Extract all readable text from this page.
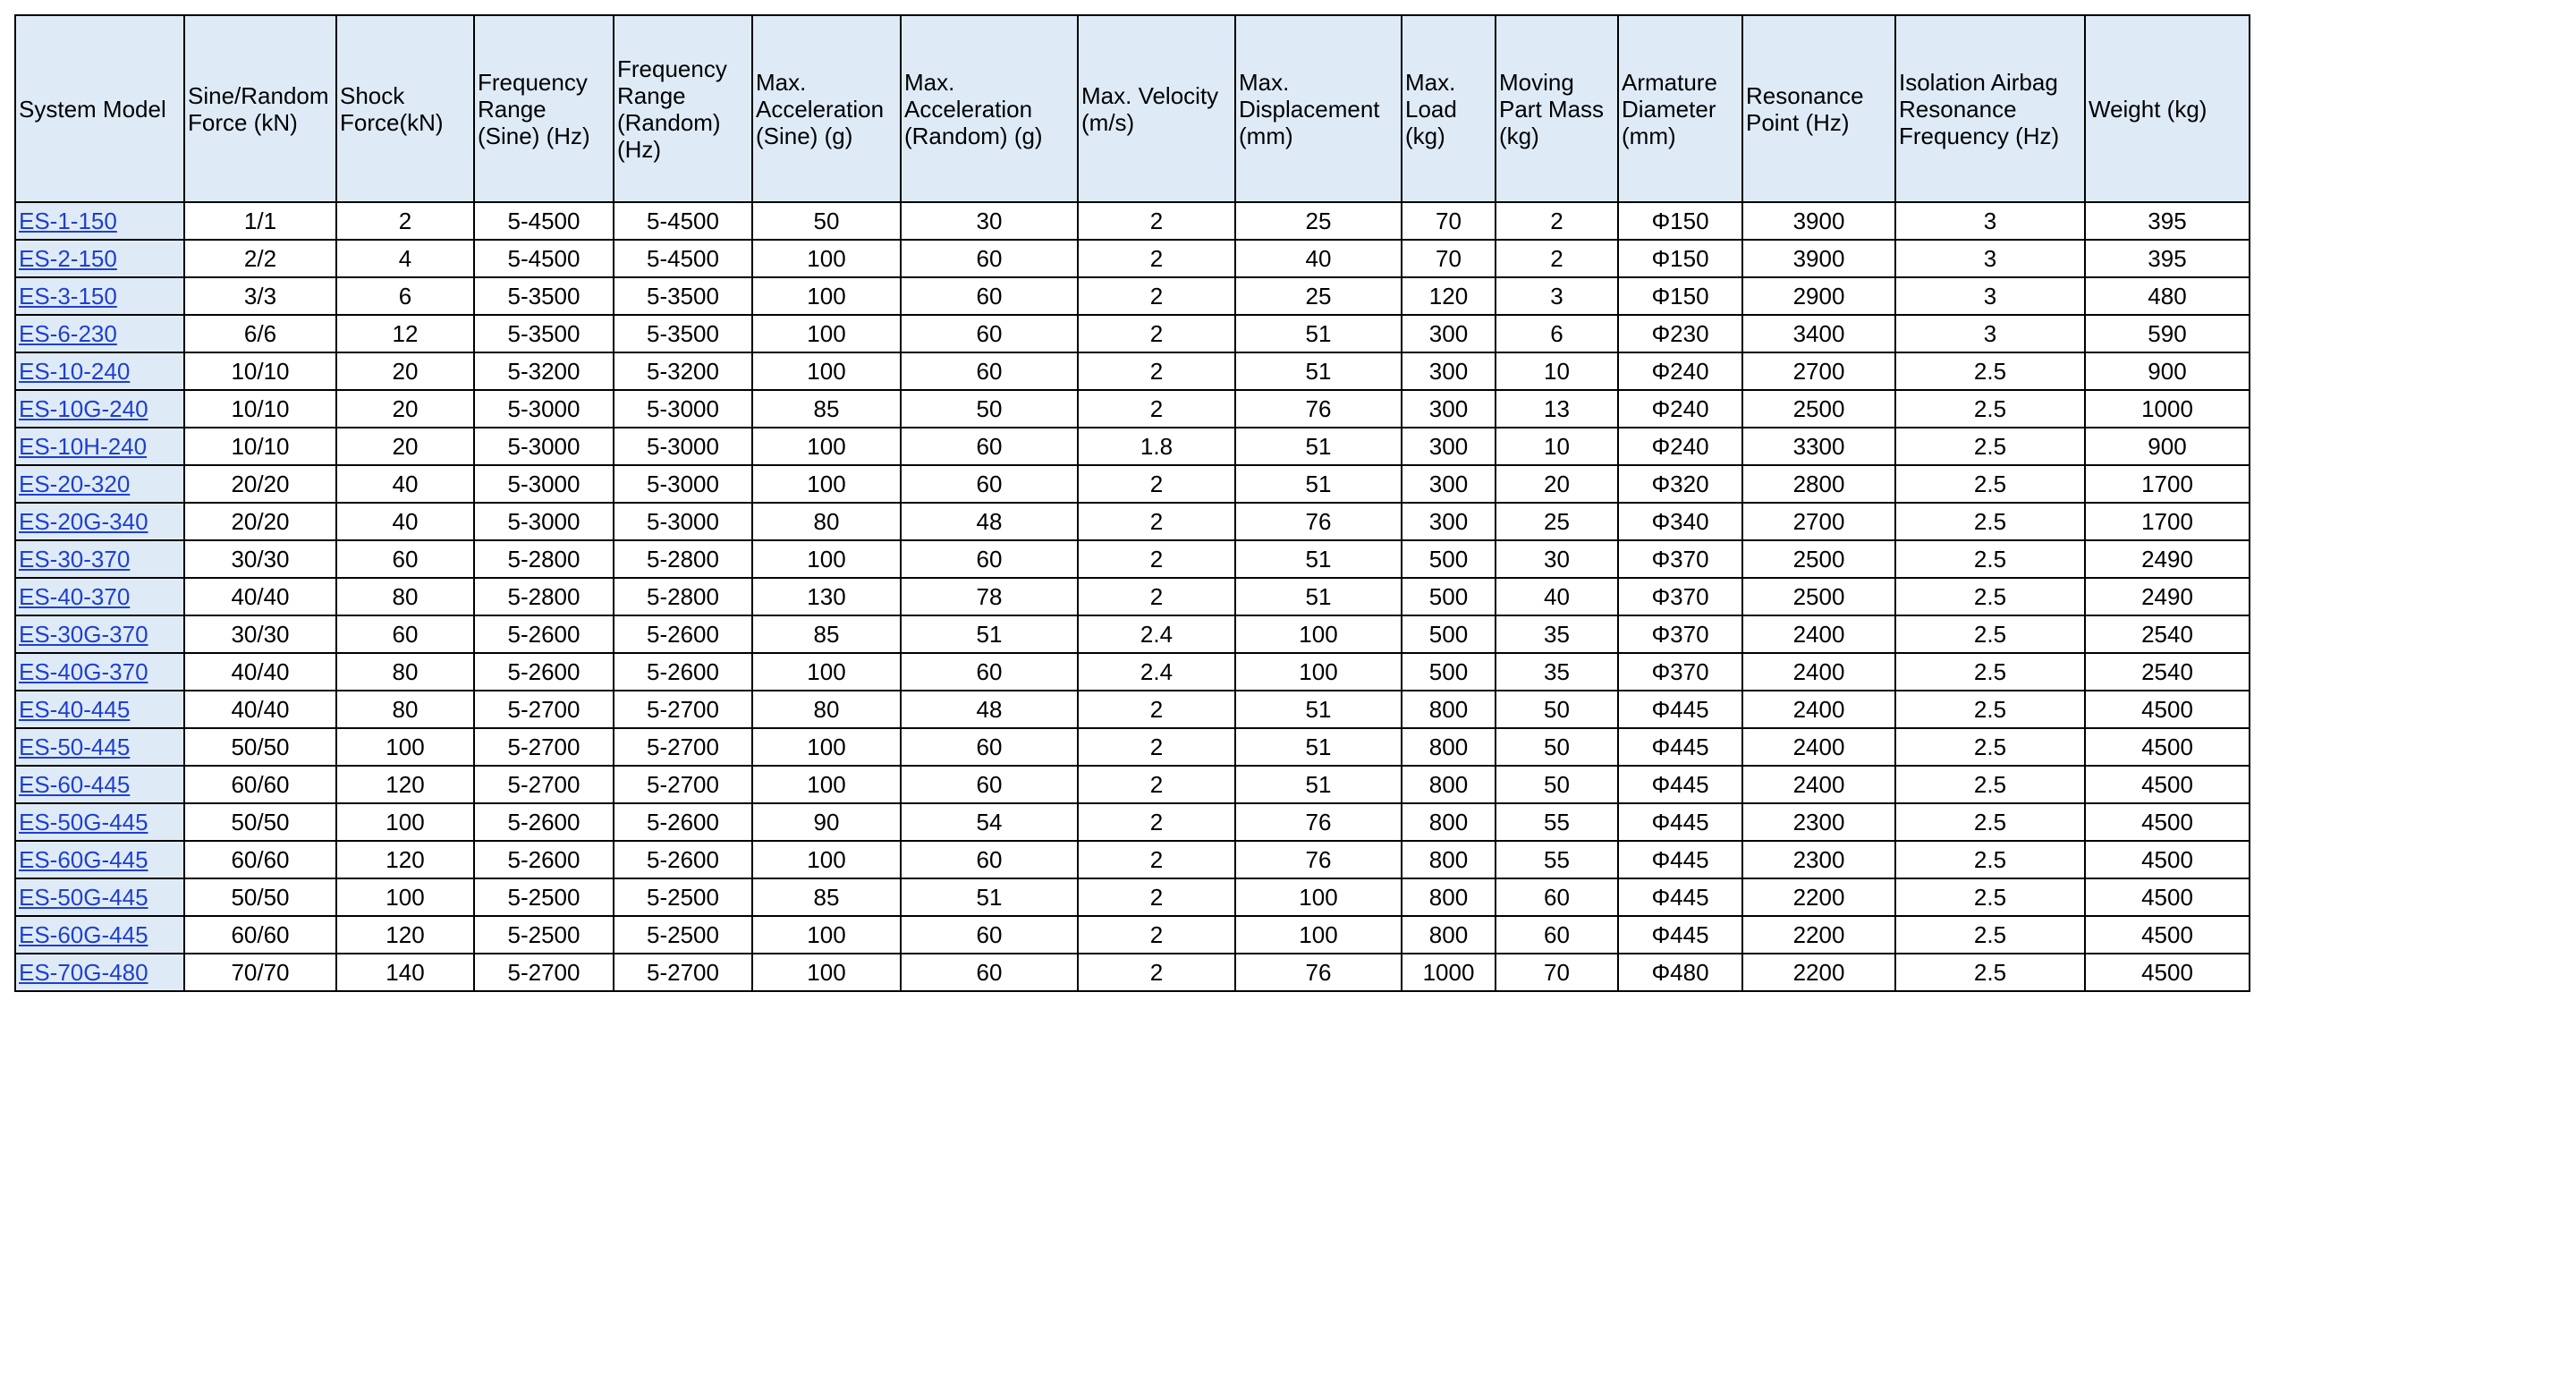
System Model	Sine/Random Force (kN)	Shock Force(kN)	Frequency Range (Sine) (Hz)	Frequency Range (Random) (Hz)	Max. Acceleration (Sine) (g)	Max. Acceleration (Random) (g)	Max. Velocity (m/s)	Max. Displacement (mm)	Max. Load (kg)	Moving Part Mass (kg)	Armature Diameter (mm)	Resonance Point (Hz)	Isolation Airbag Resonance Frequency (Hz)	Weight (kg)
ES-1-150	1/1	2	5-4500	5-4500	50	30	2	25	70	2	Φ150	3900	3	395
ES-2-150	2/2	4	5-4500	5-4500	100	60	2	40	70	2	Φ150	3900	3	395
ES-3-150	3/3	6	5-3500	5-3500	100	60	2	25	120	3	Φ150	2900	3	480
ES-6-230	6/6	12	5-3500	5-3500	100	60	2	51	300	6	Φ230	3400	3	590
ES-10-240	10/10	20	5-3200	5-3200	100	60	2	51	300	10	Φ240	2700	2.5	900
ES-10G-240	10/10	20	5-3000	5-3000	85	50	2	76	300	13	Φ240	2500	2.5	1000
ES-10H-240	10/10	20	5-3000	5-3000	100	60	1.8	51	300	10	Φ240	3300	2.5	900
ES-20-320	20/20	40	5-3000	5-3000	100	60	2	51	300	20	Φ320	2800	2.5	1700
ES-20G-340	20/20	40	5-3000	5-3000	80	48	2	76	300	25	Φ340	2700	2.5	1700
ES-30-370	30/30	60	5-2800	5-2800	100	60	2	51	500	30	Φ370	2500	2.5	2490
ES-40-370	40/40	80	5-2800	5-2800	130	78	2	51	500	40	Φ370	2500	2.5	2490
ES-30G-370	30/30	60	5-2600	5-2600	85	51	2.4	100	500	35	Φ370	2400	2.5	2540
ES-40G-370	40/40	80	5-2600	5-2600	100	60	2.4	100	500	35	Φ370	2400	2.5	2540
ES-40-445	40/40	80	5-2700	5-2700	80	48	2	51	800	50	Φ445	2400	2.5	4500
ES-50-445	50/50	100	5-2700	5-2700	100	60	2	51	800	50	Φ445	2400	2.5	4500
ES-60-445	60/60	120	5-2700	5-2700	100	60	2	51	800	50	Φ445	2400	2.5	4500
ES-50G-445	50/50	100	5-2600	5-2600	90	54	2	76	800	55	Φ445	2300	2.5	4500
ES-60G-445	60/60	120	5-2600	5-2600	100	60	2	76	800	55	Φ445	2300	2.5	4500
ES-50G-445	50/50	100	5-2500	5-2500	85	51	2	100	800	60	Φ445	2200	2.5	4500
ES-60G-445	60/60	120	5-2500	5-2500	100	60	2	100	800	60	Φ445	2200	2.5	4500
ES-70G-480	70/70	140	5-2700	5-2700	100	60	2	76	1000	70	Φ480	2200	2.5	4500
